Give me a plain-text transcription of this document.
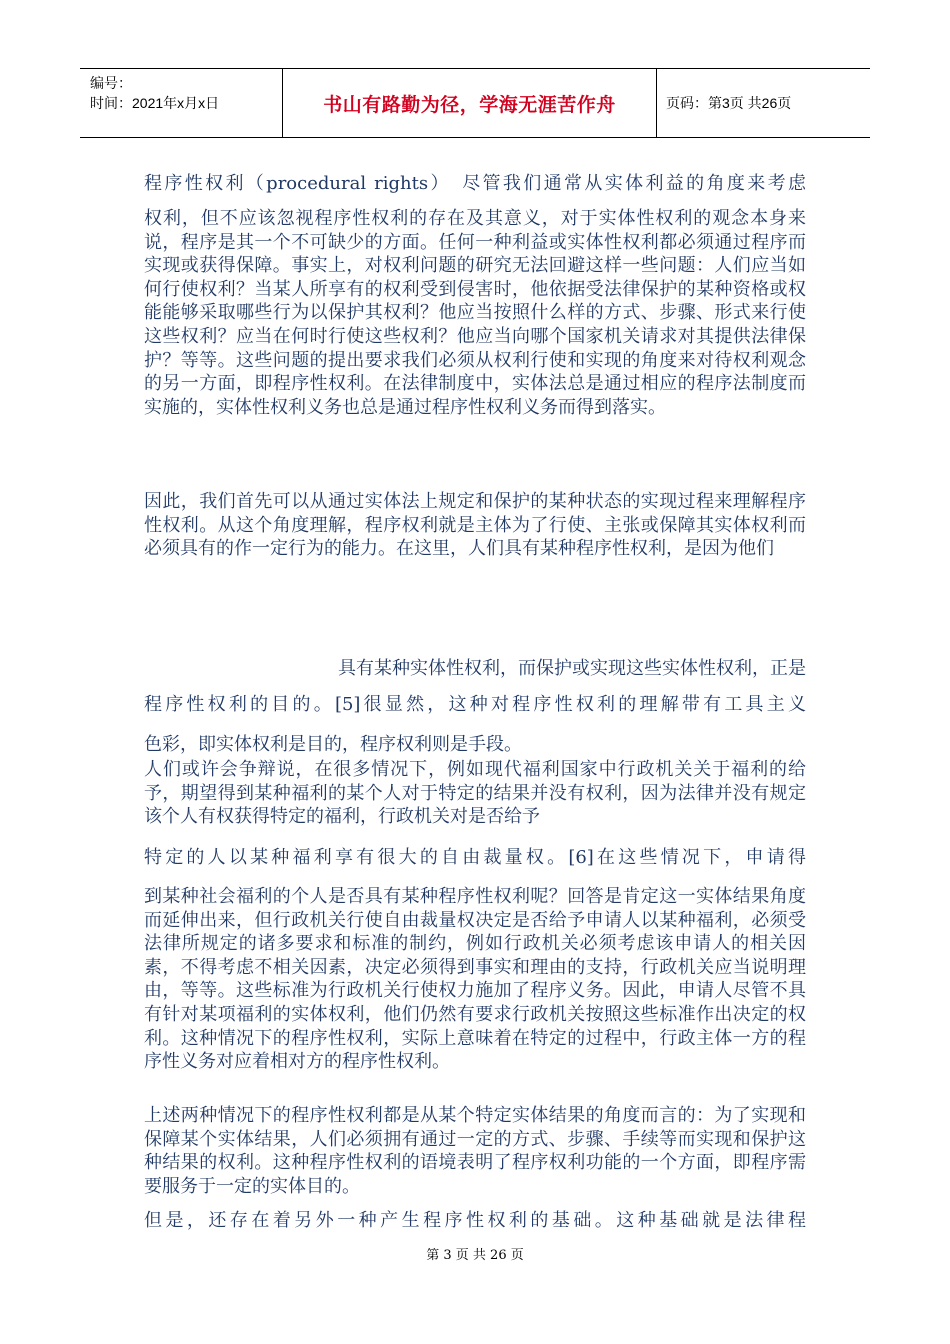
编号：
时间：2021年x月x日	书山有路勤为径，学海无涯苦作舟	页码：第3页 共26页

程序性权利（procedural rights）　尽管我们通常从实体利益的角度来考虑

权利，但不应该忽视程序性权利的存在及其意义，对于实体性权利的观念本身来说，程序是其一个不可缺少的方面。任何一种利益或实体性权利都必须通过程序而实现或获得保障。事实上，对权利问题的研究无法回避这样一些问题：人们应当如何行使权利？当某人所享有的权利受到侵害时，他依据受法律保护的某种资格或权能能够采取哪些行为以保护其权利？他应当按照什么样的方式、步骤、形式来行使这些权利？应当在何时行使这些权利？他应当向哪个国家机关请求对其提供法律保护？等等。这些问题的提出要求我们必须从权利行使和实现的角度来对待权利观念的另一方面，即程序性权利。在法律制度中，实体法总是通过相应的程序法制度而实施的，实体性权利义务也总是通过程序性权利义务而得到落实。

因此，我们首先可以从通过实体法上规定和保护的某种状态的实现过程来理解程序性权利。从这个角度理解，程序权利就是主体为了行使、主张或保障其实体权利而必须具有的作一定行为的能力。在这里，人们具有某种程序性权利，是因为他们

具有某种实体性权利，而保护或实现这些实体性权利，正是

程序性权利的目的。[5]很显然，这种对程序性权利的理解带有工具主义

色彩，即实体权利是目的，程序权利则是手段。

人们或许会争辩说，在很多情况下，例如现代福利国家中行政机关关于福利的给予，期望得到某种福利的某个人对于特定的结果并没有权利，因为法律并没有规定该个人有权获得特定的福利，行政机关对是否给予

特定的人以某种福利享有很大的自由裁量权。[6]在这些情况下，申请得

到某种社会福利的个人是否具有某种程序性权利呢？回答是肯定这一实体结果角度而延伸出来，但行政机关行使自由裁量权决定是否给予申请人以某种福利，必须受法律所规定的诸多要求和标准的制约，例如行政机关必须考虑该申请人的相关因素，不得考虑不相关因素，决定必须得到事实和理由的支持，行政机关应当说明理由，等等。这些标准为行政机关行使权力施加了程序义务。因此，申请人尽管不具有针对某项福利的实体权利，他们仍然有要求行政机关按照这些标准作出决定的权利。这种情况下的程序性权利，实际上意味着在特定的过程中，行政主体一方的程序性义务对应着相对方的程序性权利。

上述两种情况下的程序性权利都是从某个特定实体结果的角度而言的：为了实现和保障某个实体结果，人们必须拥有通过一定的方式、步骤、手续等而实现和保护这种结果的权利。这种程序性权利的语境表明了程序权利功能的一个方面，即程序需要服务于一定的实体目的。

但是，还存在着另外一种产生程序性权利的基础。这种基础就是法律程

第 3 页 共 26 页
